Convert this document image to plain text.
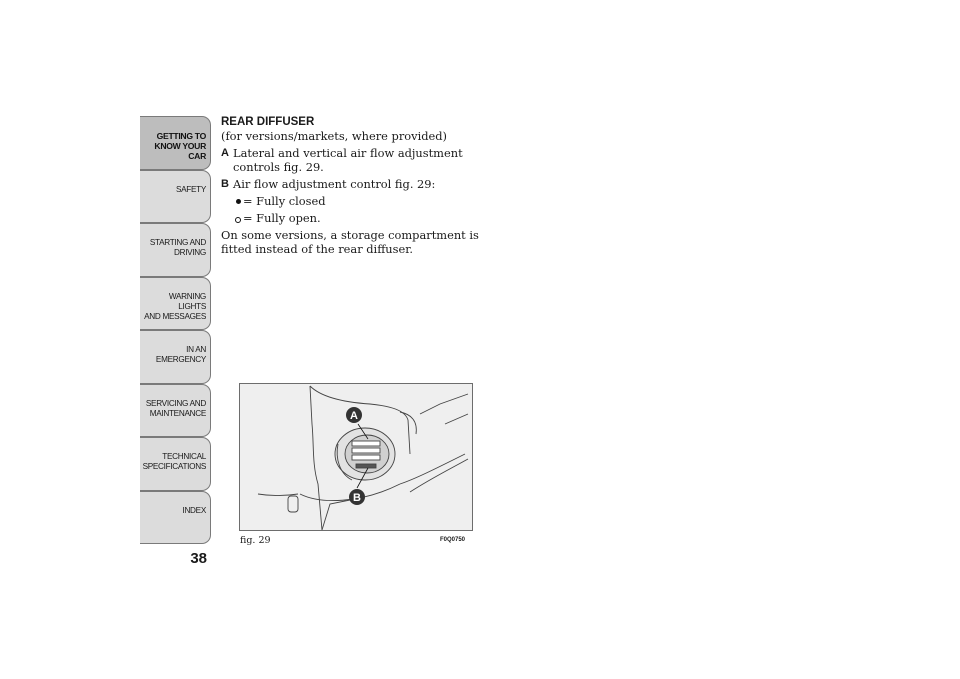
GETTING TO
KNOW YOUR CAR
SAFETY
STARTING AND
DRIVING
WARNING LIGHTS
AND MESSAGES
IN AN EMERGENCY
SERVICING AND
MAINTENANCE
TECHNICAL
SPECIFICATIONS
INDEX
38
REAR DIFFUSER
(for versions/markets, where provided)
A Lateral and vertical air flow adjustment controls fig. 29.
B Air flow adjustment control fig. 29:
= Fully closed
= Fully open.

On some versions, a storage compartment is fitted instead of the rear diffuser.

A
B
fig. 29	F0Q0750
